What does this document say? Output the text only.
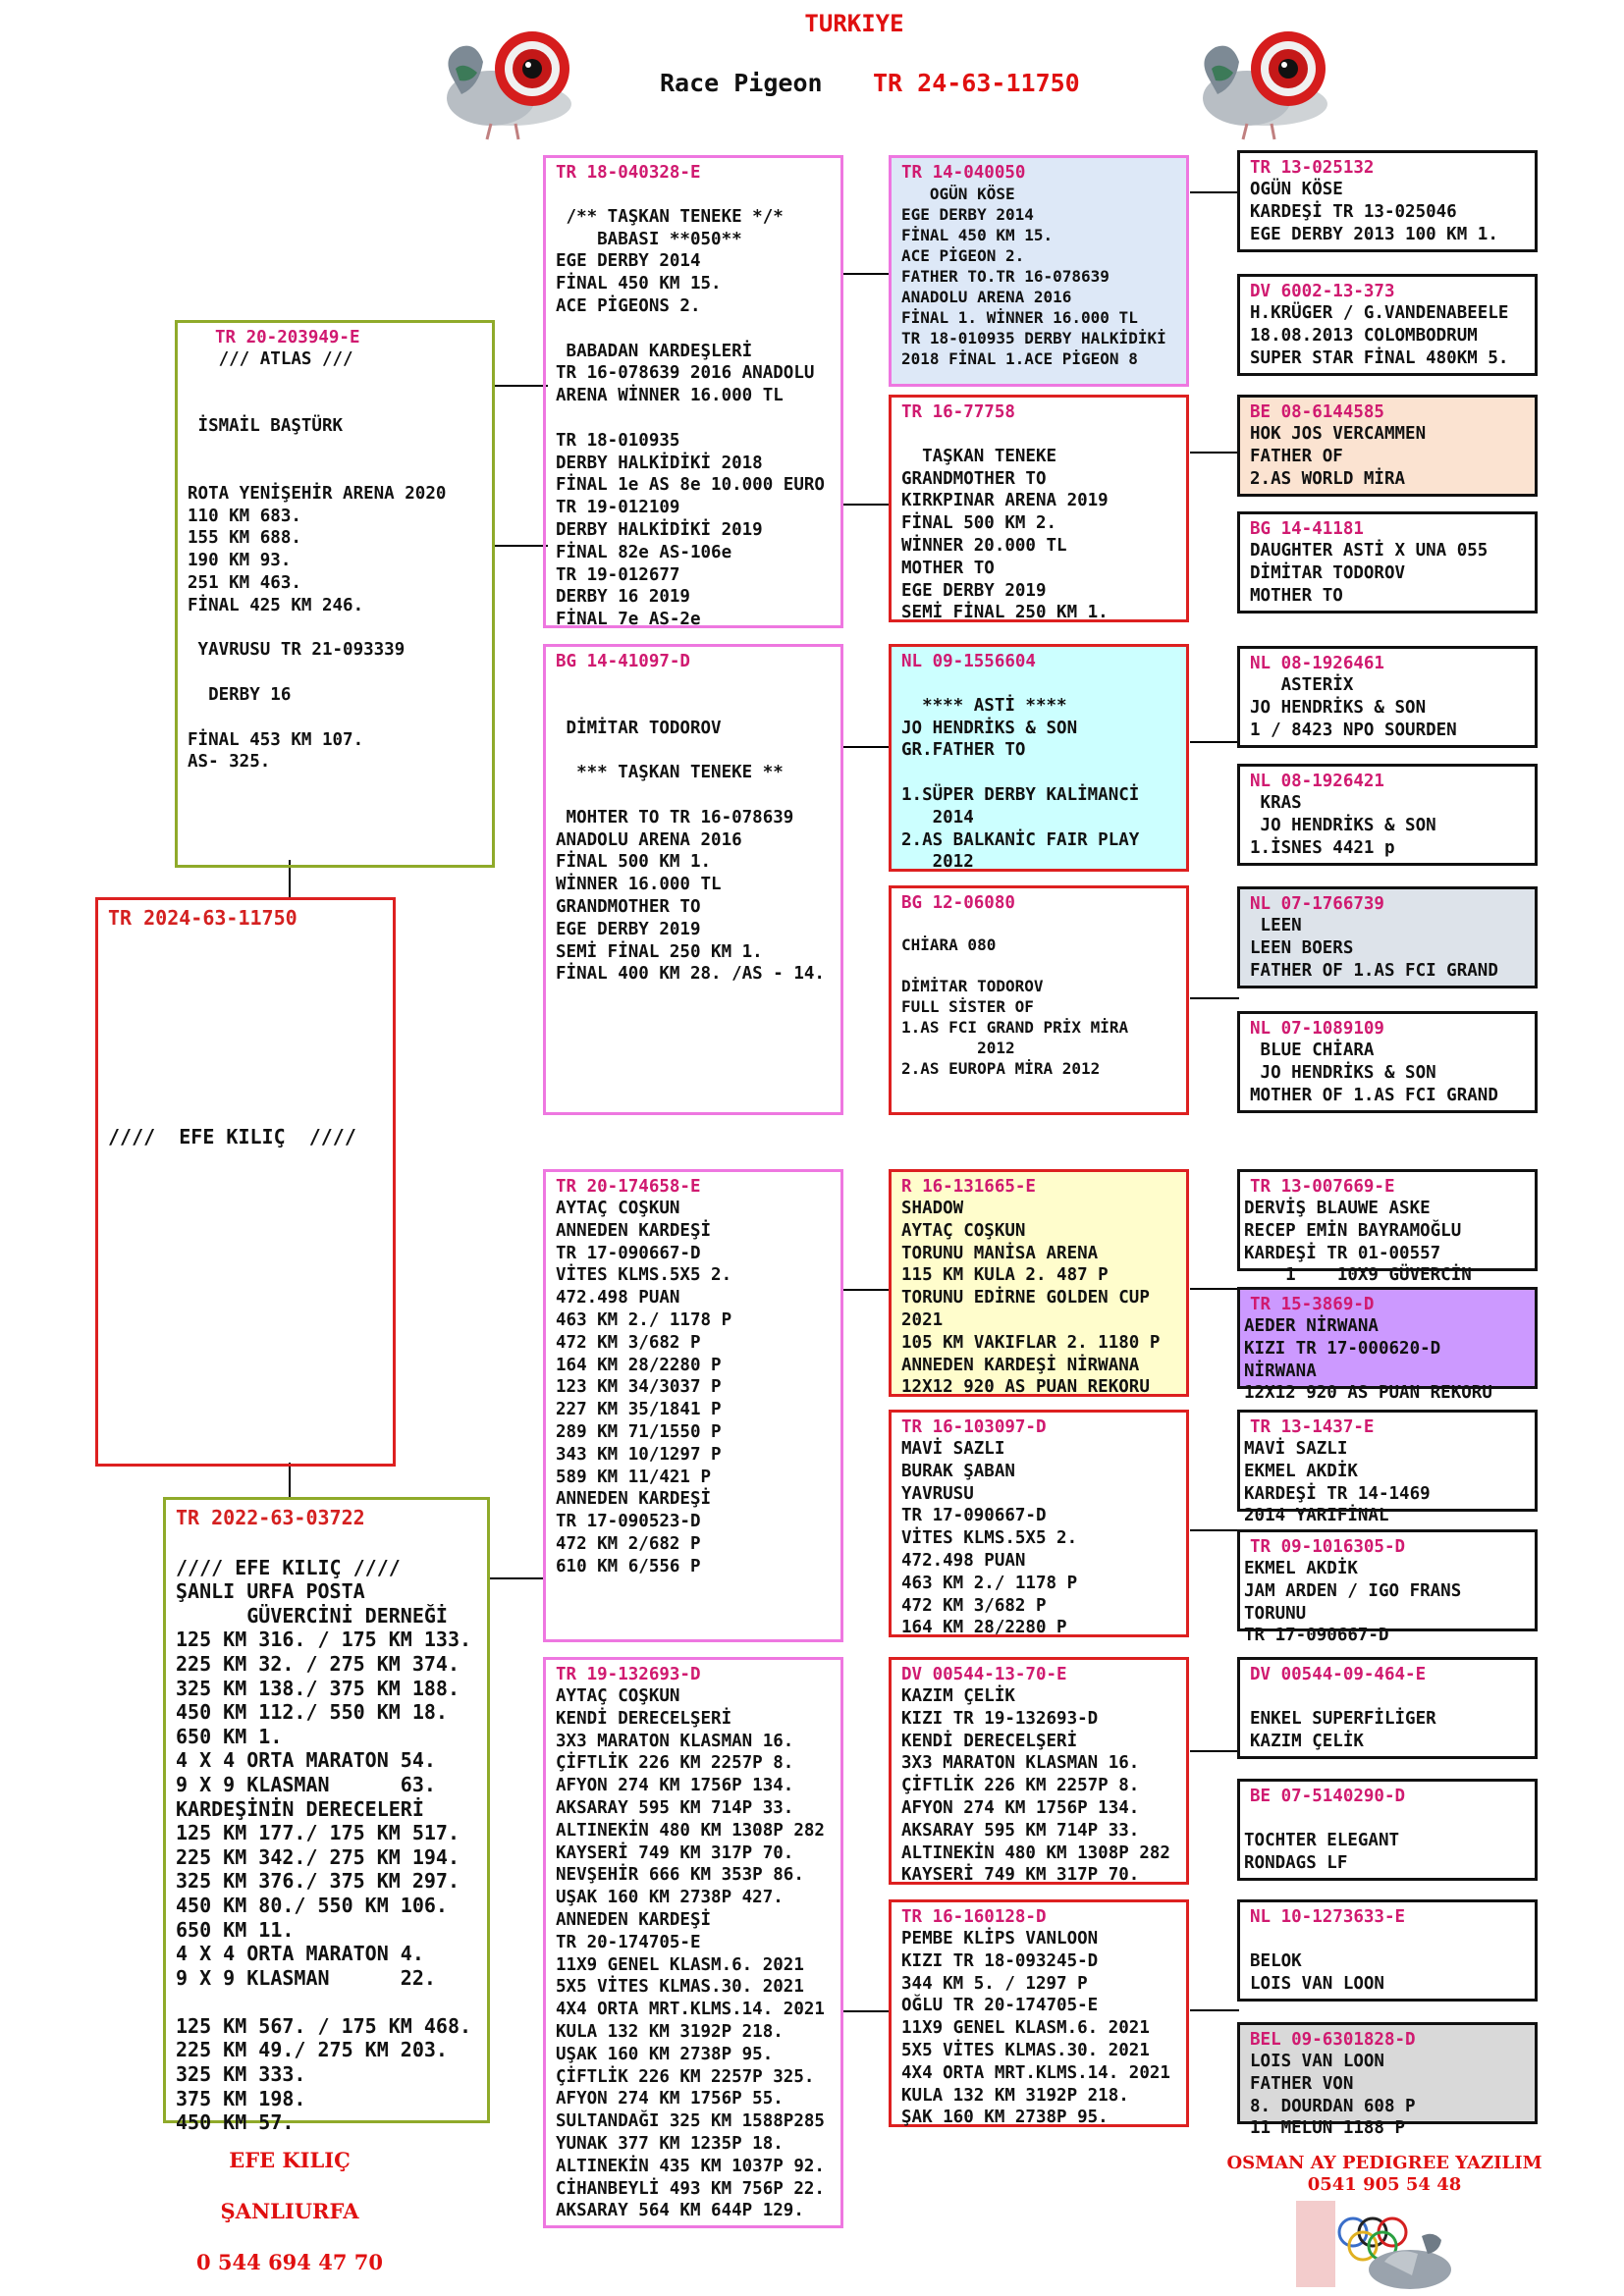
TURKIYE
Race Pigeon TR 24-63-11750
TR 2024-63-11750

////  EFE KILIÇ  ////
TR 20-203949-E
/// ATLAS ///

İSMAİL BAŞTÜRK

ROTA YENİŞEHİR ARENA 2020
110 KM 683.
155 KM 688.
190 KM 93.
251 KM 463.
FİNAL 425 KM 246.

YAVRUSU TR 21-093339

DERBY 16

FİNAL 453 KM 107.
AS- 325.
TR 2022-63-03722

//// EFE KILIÇ ////
ŞANLI URFA POSTA
GÜVERCİNİ DERNEĞİ
125 KM 316. / 175 KM 133.
225 KM 32. / 275 KM 374.
325 KM 138./ 375 KM 188.
450 KM 112./ 550 KM 18.
650 KM 1.
4 X 4 ORTA MARATON 54.
9 X 9 KLASMAN      63.
KARDEŞİNİN DERECELERİ
125 KM 177./ 175 KM 517.
225 KM 342./ 275 KM 194.
325 KM 376./ 375 KM 297.
450 KM 80./ 550 KM 106.
650 KM 11.
4 X 4 ORTA MARATON 4.
9 X 9 KLASMAN      22.

125 KM 567. / 175 KM 468.
225 KM 49./ 275 KM 203.
325 KM 333.
375 KM 198.
450 KM 57.
TR 18-040328-E

/** TAŞKAN TENEKE */*
BABASI **050**
EGE DERBY 2014
FİNAL 450 KM 15.
ACE PİGEONS 2.

BABADAN KARDEŞLERİ
TR 16-078639 2016 ANADOLU
ARENA WİNNER 16.000 TL

TR 18-010935
DERBY HALKİDİKİ 2018
FİNAL 1e AS 8e 10.000 EURO
TR 19-012109
DERBY HALKİDİKİ 2019
FİNAL 82e AS-106e
TR 19-012677
DERBY 16 2019
FİNAL 7e AS-2e
BG 14-41097-D

DİMİTAR TODOROV

*** TAŞKAN TENEKE **

MOHTER TO TR 16-078639
ANADOLU ARENA 2016
FİNAL 500 KM 1.
WİNNER 16.000 TL
GRANDMOTHER TO
EGE DERBY 2019
SEMİ FİNAL 250 KM 1.
FİNAL 400 KM 28. /AS - 14.
TR 20-174658-E
AYTAÇ COŞKUN
ANNEDEN KARDEŞİ
TR 17-090667-D
VİTES KLMS.5X5 2.
472.498 PUAN
463 KM 2./ 1178 P
472 KM 3/682 P
164 KM 28/2280 P
123 KM 34/3037 P
227 KM 35/1841 P
289 KM 71/1550 P
343 KM 10/1297 P
589 KM 11/421 P
ANNEDEN KARDEŞİ
TR 17-090523-D
472 KM 2/682 P
610 KM 6/556 P
TR 19-132693-D
AYTAÇ COŞKUN
KENDİ DERECELŞERİ
3X3 MARATON KLASMAN 16.
ÇİFTLİK 226 KM 2257P 8.
AFYON 274 KM 1756P 134.
AKSARAY 595 KM 714P 33.
ALTINEKİN 480 KM 1308P 282
KAYSERİ 749 KM 317P 70.
NEVŞEHİR 666 KM 353P 86.
UŞAK 160 KM 2738P 427.
ANNEDEN KARDEŞİ
TR 20-174705-E
11X9 GENEL KLASM.6. 2021
5X5 VİTES KLMAS.30. 2021
4X4 ORTA MRT.KLMS.14. 2021
KULA 132 KM 3192P 218.
UŞAK 160 KM 2738P 95.
ÇİFTLİK 226 KM 2257P 325.
AFYON 274 KM 1756P 55.
SULTANDAĞI 325 KM 1588P285
YUNAK 377 KM 1235P 18.
ALTINEKİN 435 KM 1037P 92.
CİHANBEYLİ 493 KM 756P 22.
AKSARAY 564 KM 644P 129.
TR 14-040050
OGÜN KÖSE
EGE DERBY 2014
FİNAL 450 KM 15.
ACE PİGEON 2.
FATHER TO.TR 16-078639
ANADOLU ARENA 2016
FİNAL 1. WİNNER 16.000 TL
TR 18-010935 DERBY HALKİDİKİ
2018 FİNAL 1.ACE PİGEON 8
TR 16-77758

TAŞKAN TENEKE
GRANDMOTHER TO
KIRKPINAR ARENA 2019
FİNAL 500 KM 2.
WİNNER 20.000 TL
MOTHER TO
EGE DERBY 2019
SEMİ FİNAL 250 KM 1.
NL 09-1556604

**** ASTİ ****
JO HENDRİKS & SON
GR.FATHER TO

1.SÜPER DERBY KALİMANCİ
2014
2.AS BALKANİC FAIR PLAY
2012
BG 12-06080

CHİARA 080

DİMİTAR TODOROV
FULL SİSTER OF
1.AS FCI GRAND PRİX MİRA
2012
2.AS EUROPA MİRA 2012
R 16-131665-E
SHADOW
AYTAÇ COŞKUN
TORUNU MANİSA ARENA
115 KM KULA 2. 487 P
TORUNU EDİRNE GOLDEN CUP
2021
105 KM VAKIFLAR 2. 1180 P
ANNEDEN KARDEŞİ NİRWANA
12X12 920 AS PUAN REKORU
TR 16-103097-D
MAVİ SAZLI
BURAK ŞABAN
YAVRUSU
TR 17-090667-D
VİTES KLMS.5X5 2.
472.498 PUAN
463 KM 2./ 1178 P
472 KM 3/682 P
164 KM 28/2280 P
DV 00544-13-70-E
KAZIM ÇELİK
KIZI TR 19-132693-D
KENDİ DERECELŞERİ
3X3 MARATON KLASMAN 16.
ÇİFTLİK 226 KM 2257P 8.
AFYON 274 KM 1756P 134.
AKSARAY 595 KM 714P 33.
ALTINEKİN 480 KM 1308P 282
KAYSERİ 749 KM 317P 70.
TR 16-160128-D
PEMBE KLİPS VANLOON
KIZI TR 18-093245-D
344 KM 5. / 1297 P
OĞLU TR 20-174705-E
11X9 GENEL KLASM.6. 2021
5X5 VİTES KLMAS.30. 2021
4X4 ORTA MRT.KLMS.14. 2021
KULA 132 KM 3192P 218.
ŞAK 160 KM 2738P 95.
TR 13-025132
OGÜN KÖSE
KARDEŞİ TR 13-025046
EGE DERBY 2013 100 KM 1.
DV 6002-13-373
H.KRÜGER / G.VANDENABEELE
18.08.2013 COLOMBODRUM
SUPER STAR FİNAL 480KM 5.
BE 08-6144585
HOK JOS VERCAMMEN
FATHER OF
2.AS WORLD MİRA
BG 14-41181
DAUGHTER ASTİ X UNA 055
DİMİTAR TODOROV
MOTHER TO
NL 08-1926461
ASTERİX
JO HENDRİKS & SON
1 / 8423 NPO SOURDEN
NL 08-1926421
KRAS
JO HENDRİKS & SON
1.İSNES 4421 p
NL 07-1766739
LEEN
LEEN BOERS
FATHER OF 1.AS FCI GRAND
NL 07-1089109
BLUE CHİARA
JO HENDRİKS & SON
MOTHER OF 1.AS FCI GRAND
TR 13-007669-E
DERVİŞ BLAUWE ASKE
RECEP EMİN BAYRAMOĞLU
KARDEŞİ TR 01-00557
1    10X9 GÜVERCİN
TR 15-3869-D
AEDER NİRWANA
KIZI TR 17-000620-D
NİRWANA
12X12 920 AS PUAN REKORU
TR 13-1437-E
MAVİ SAZLI
EKMEL AKDİK
KARDEŞİ TR 14-1469
2014 YARIFİNAL
TR 09-1016305-D
EKMEL AKDİK
JAM ARDEN / IGO FRANS
TORUNU
TR 17-090667-D
DV 00544-09-464-E

ENKEL SUPERFİLİGER
KAZIM ÇELİK
BE 07-5140290-D

TOCHTER ELEGANT
RONDAGS LF
NL 10-1273633-E

BELOK
LOIS VAN LOON
BEL 09-6301828-D
LOIS VAN LOON
FATHER VON
8. DOURDAN 608 P
11 MELUN 1188 P
EFE KILIÇ
ŞANLIURFA
0 544 694 47 70
OSMAN AY PEDIGREE YAZILIM
0541 905 54 48
